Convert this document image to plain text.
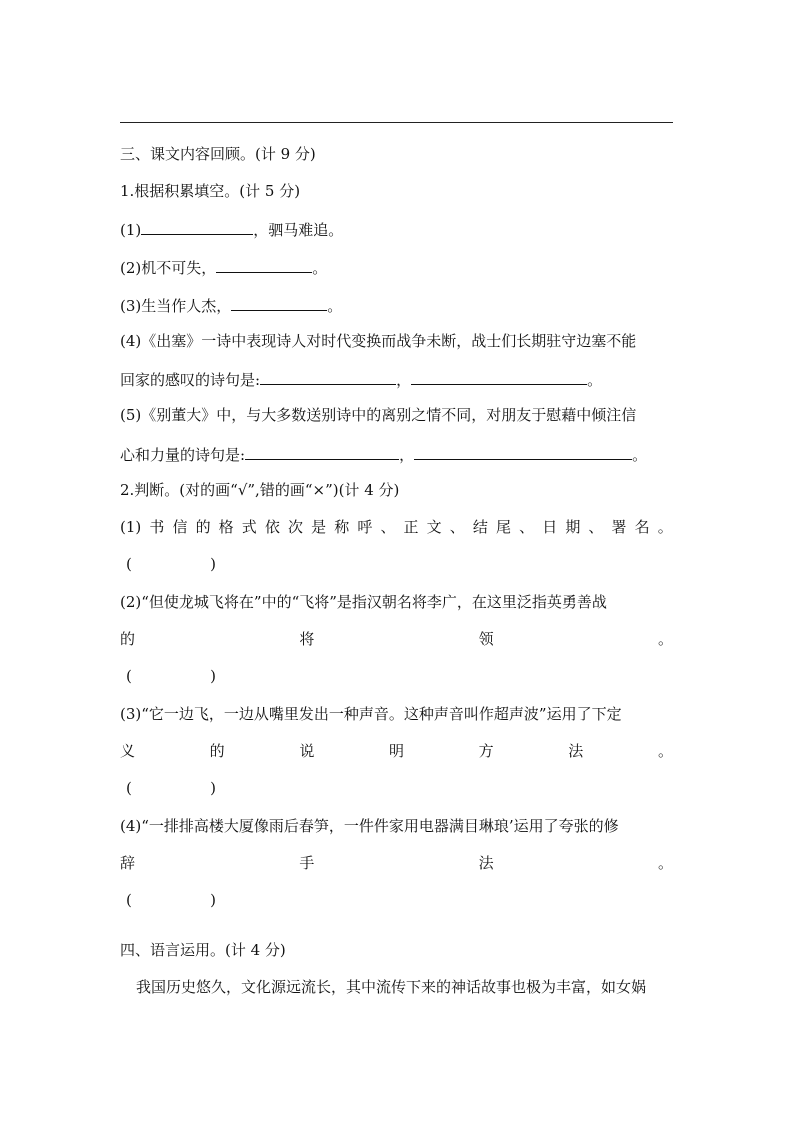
三、课文内容回顾。(计 9 分)
1.根据积累填空。(计 5 分)
(1)	，驷马难追。
(2)机不可失，	。
(3)生当作人杰，	。
(4)《出塞》一诗中表现诗人对时代变换而战争未断，战士们长期驻守边塞不能
回家的感叹的诗句是:	，	。
(5)《别董大》中，与大多数送别诗中的离别之情不同，对朋友于慰藉中倾注信
心和力量的诗句是:	，	。
2.判断。(对的画“√”,错的画“×”)(计 4 分)
(1) 书 信 的 格 式 依 次 是 称 呼 、 正 文 、 结 尾 、 日 期 、 署 名 。
(	)
(2)“但使龙城飞将在”中的“飞将”是指汉朝名将李广，在这里泛指英勇善战
的	将	领	。
(	)
(3)“它一边飞，一边从嘴里发出一种声音。这种声音叫作超声波”运用了下定
义	的	说	明	方	法	。
(	)
(4)“一排排高楼大厦像雨后春笋，一件件家用电器满目琳琅’运用了夸张的修
辞	手	法	。
(	)
四、语言运用。(计 4 分)
我国历史悠久，文化源远流长，其中流传下来的神话故事也极为丰富，如女娲
